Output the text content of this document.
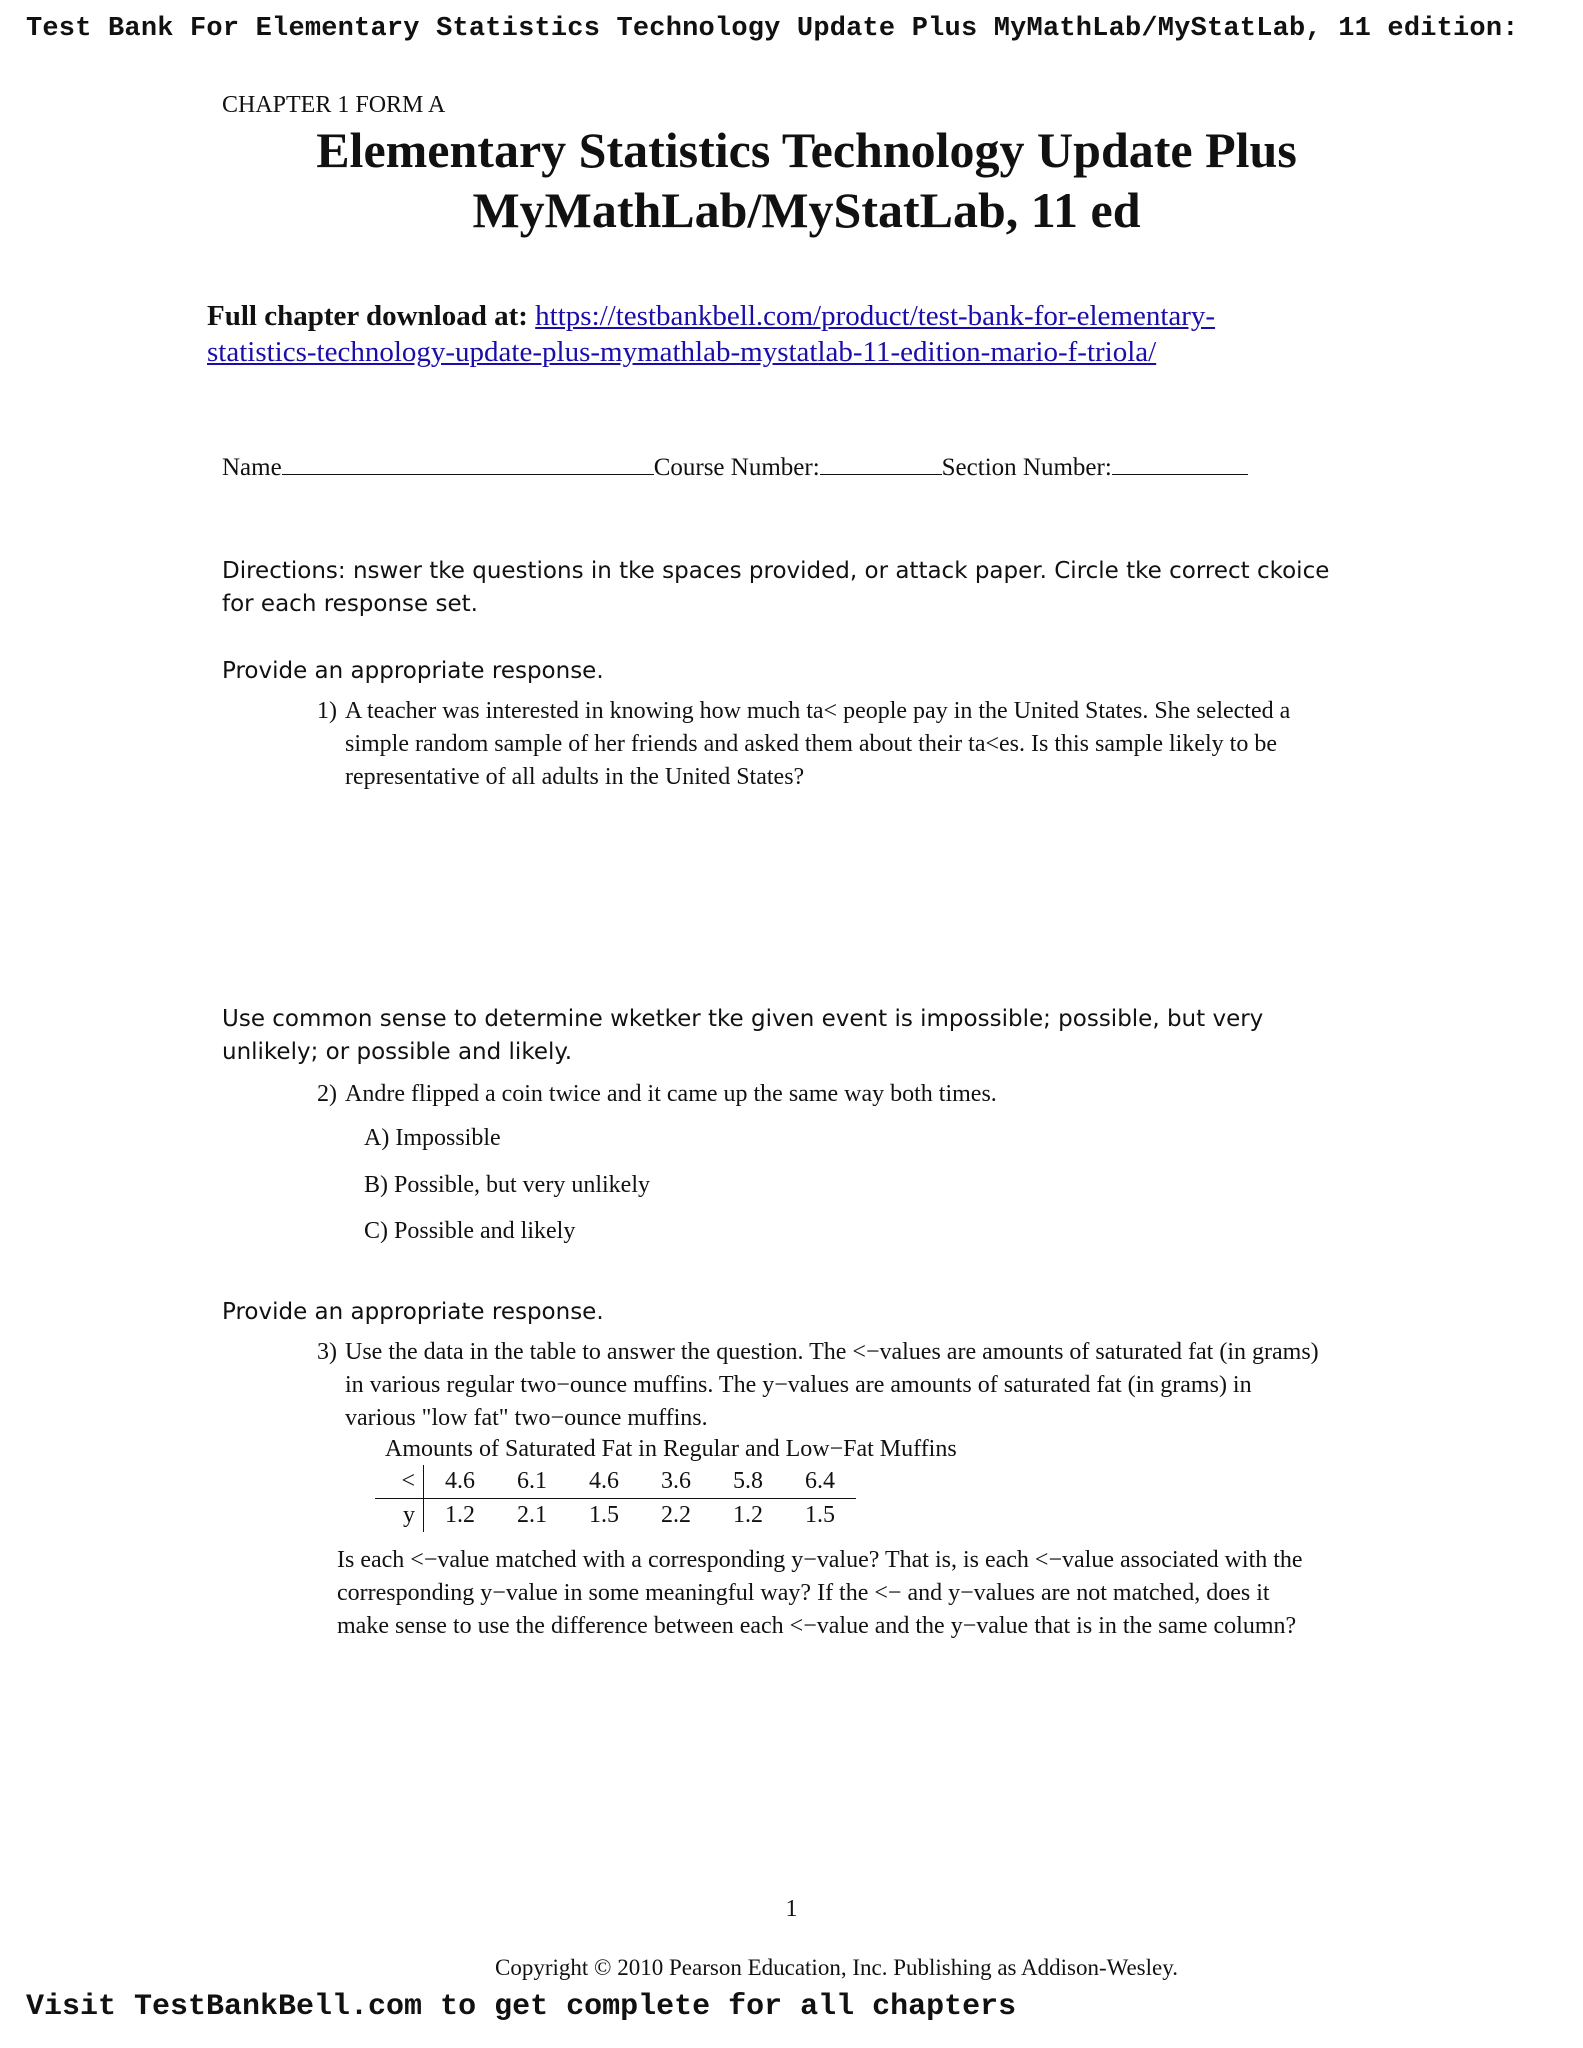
Test Bank For Elementary Statistics Technology Update Plus MyMathLab/MyStatLab, 11 edition:
CHAPTER 1 FORM A
Elementary Statistics Technology Update Plus
MyMathLab/MyStatLab, 11 ed
Full chapter download at: https://testbankbell.com/product/test-bank-for-elementary-
statistics-technology-update-plus-mymathlab-mystatlab-11-edition-mario-f-triola/
Name	Course Number:	Section Number:
Directions: nswer tke questions in tke spaces provided, or attack paper. Circle tke correct ckoice for each response set.
Provide an appropriate response.
1) A teacher was interested in knowing how much ta< people pay in the United States. She selected a simple random sample of her friends and asked them about their ta<es. Is this sample likely to be representative of all adults in the United States?
Use common sense to determine wketker tke given event is impossible; possible, but very unlikely; or possible and likely.
2) Andre flipped a coin twice and it came up the same way both times.
A) Impossible
B) Possible, but very unlikely
C) Possible and likely
Provide an appropriate response.
3) Use the data in the table to answer the question. The <−values are amounts of saturated fat (in grams) in various regular two−ounce muffins. The y−values are amounts of saturated fat (in grams) in various "low fat" two−ounce muffins.
Amounts of Saturated Fat in Regular and Low−Fat Muffins
<	4.6	6.1	4.6	3.6	5.8	6.4
y	1.2	2.1	1.5	2.2	1.2	1.5
Is each <−value matched with a corresponding y−value? That is, is each <−value associated with the corresponding y−value in some meaningful way? If the <− and y−values are not matched, does it make sense to use the difference between each <−value and the y−value that is in the same column?
1
Copyright © 2010 Pearson Education, Inc. Publishing as Addison-Wesley.
Visit TestBankBell.com to get complete for all chapters
